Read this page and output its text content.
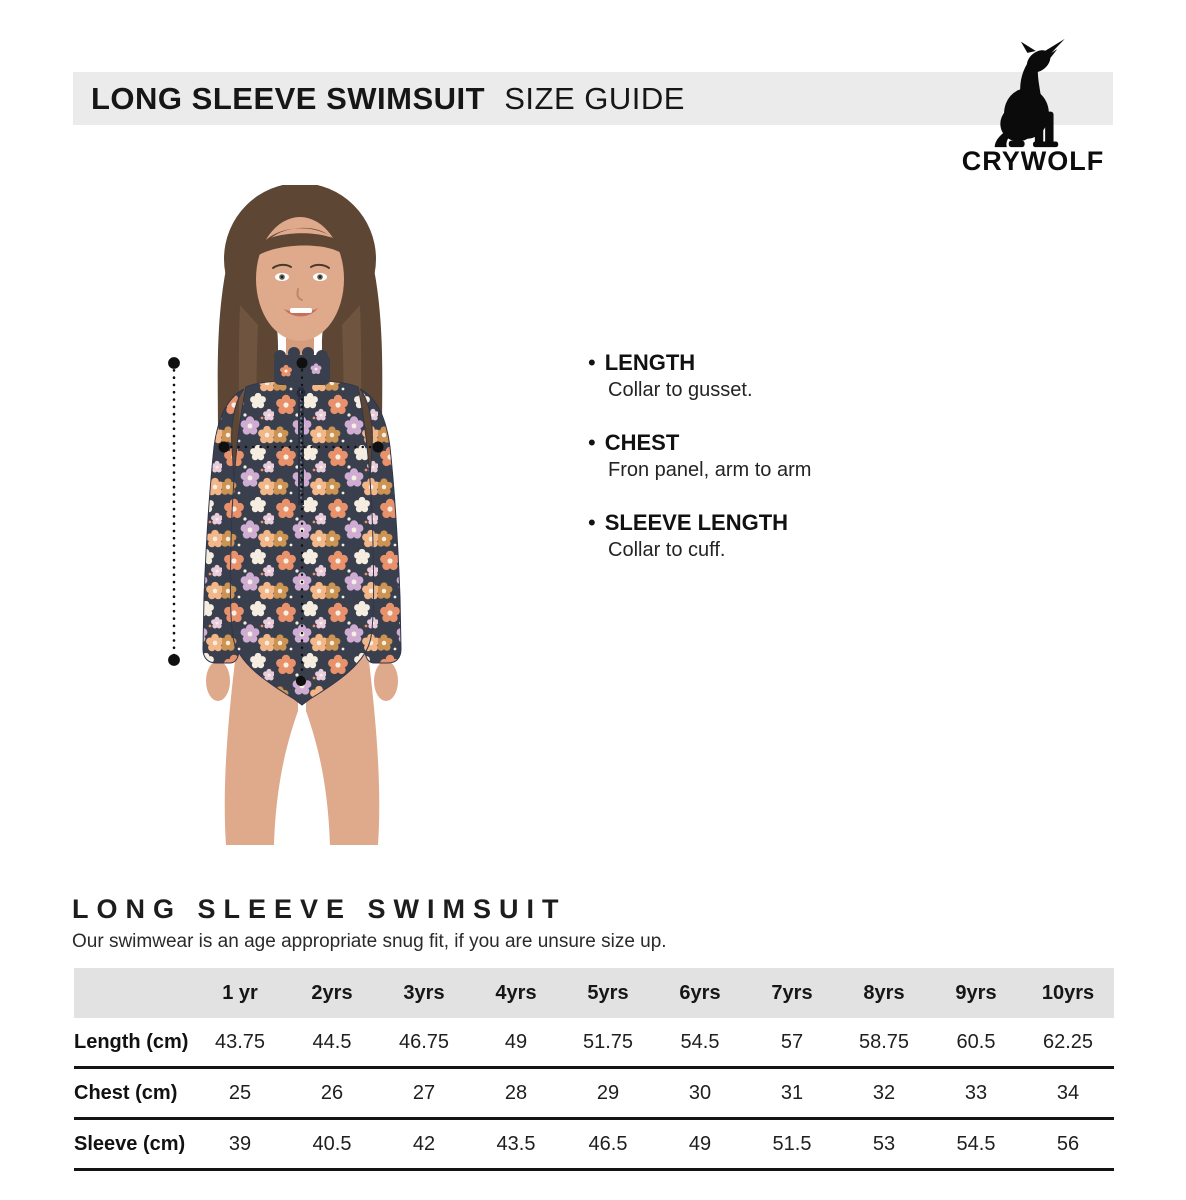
LONG SLEEVE SWIMSUIT SIZE GUIDE
CRYWOLF
• LENGTH
Collar to gusset.
• CHEST
Fron panel, arm to arm
• SLEEVE LENGTH
Collar to cuff.
LONG SLEEVE SWIMSUIT
Our swimwear is an age appropriate snug fit, if you are unsure size up.
	1 yr	2yrs	3yrs	4yrs	5yrs	6yrs	7yrs	8yrs	9yrs	10yrs
Length (cm)	43.75	44.5	46.75	49	51.75	54.5	57	58.75	60.5	62.25
Chest (cm)	25	26	27	28	29	30	31	32	33	34
Sleeve (cm)	39	40.5	42	43.5	46.5	49	51.5	53	54.5	56
